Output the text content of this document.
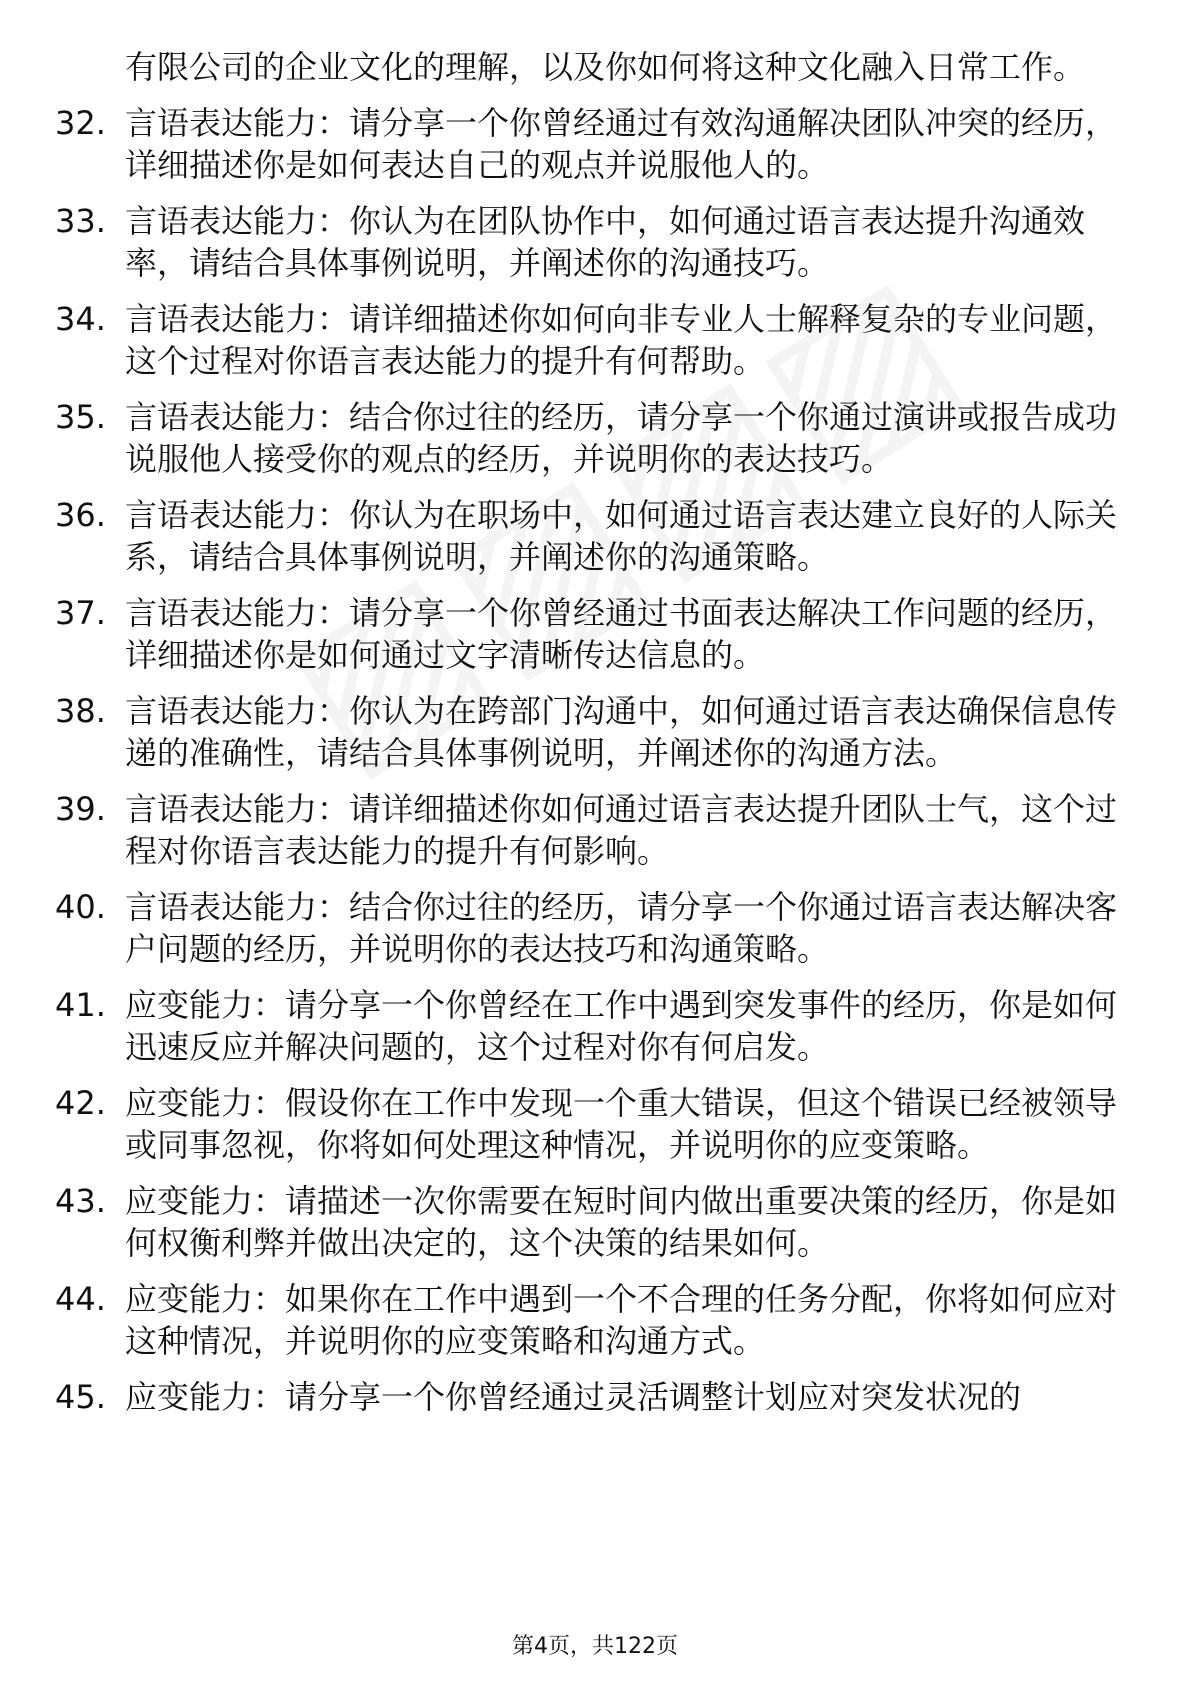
有限公司的企业文化的理解，以及你如何将这种文化融入日常工作。

32. 言语表达能力：请分享一个你曾经通过有效沟通解决团队冲突的经历，详细描述你是如何表达自己的观点并说服他人的。
33. 言语表达能力：你认为在团队协作中，如何通过语言表达提升沟通效率，请结合具体事例说明，并阐述你的沟通技巧。
34. 言语表达能力：请详细描述你如何向非专业人士解释复杂的专业问题，这个过程对你语言表达能力的提升有何帮助。
35. 言语表达能力：结合你过往的经历，请分享一个你通过演讲或报告成功说服他人接受你的观点的经历，并说明你的表达技巧。
36. 言语表达能力：你认为在职场中，如何通过语言表达建立良好的人际关系，请结合具体事例说明，并阐述你的沟通策略。
37. 言语表达能力：请分享一个你曾经通过书面表达解决工作问题的经历，详细描述你是如何通过文字清晰传达信息的。
38. 言语表达能力：你认为在跨部门沟通中，如何通过语言表达确保信息传递的准确性，请结合具体事例说明，并阐述你的沟通方法。
39. 言语表达能力：请详细描述你如何通过语言表达提升团队士气，这个过程对你语言表达能力的提升有何影响。
40. 言语表达能力：结合你过往的经历，请分享一个你通过语言表达解决客户问题的经历，并说明你的表达技巧和沟通策略。
41. 应变能力：请分享一个你曾经在工作中遇到突发事件的经历，你是如何迅速反应并解决问题的，这个过程对你有何启发。
42. 应变能力：假设你在工作中发现一个重大错误，但这个错误已经被领导或同事忽视，你将如何处理这种情况，并说明你的应变策略。
43. 应变能力：请描述一次你需要在短时间内做出重要决策的经历，你是如何权衡利弊并做出决定的，这个决策的结果如何。
44. 应变能力：如果你在工作中遇到一个不合理的任务分配，你将如何应对这种情况，并说明你的应变策略和沟通方式。
45. 应变能力：请分享一个你曾经通过灵活调整计划应对突发状况的
第4页，共122页
